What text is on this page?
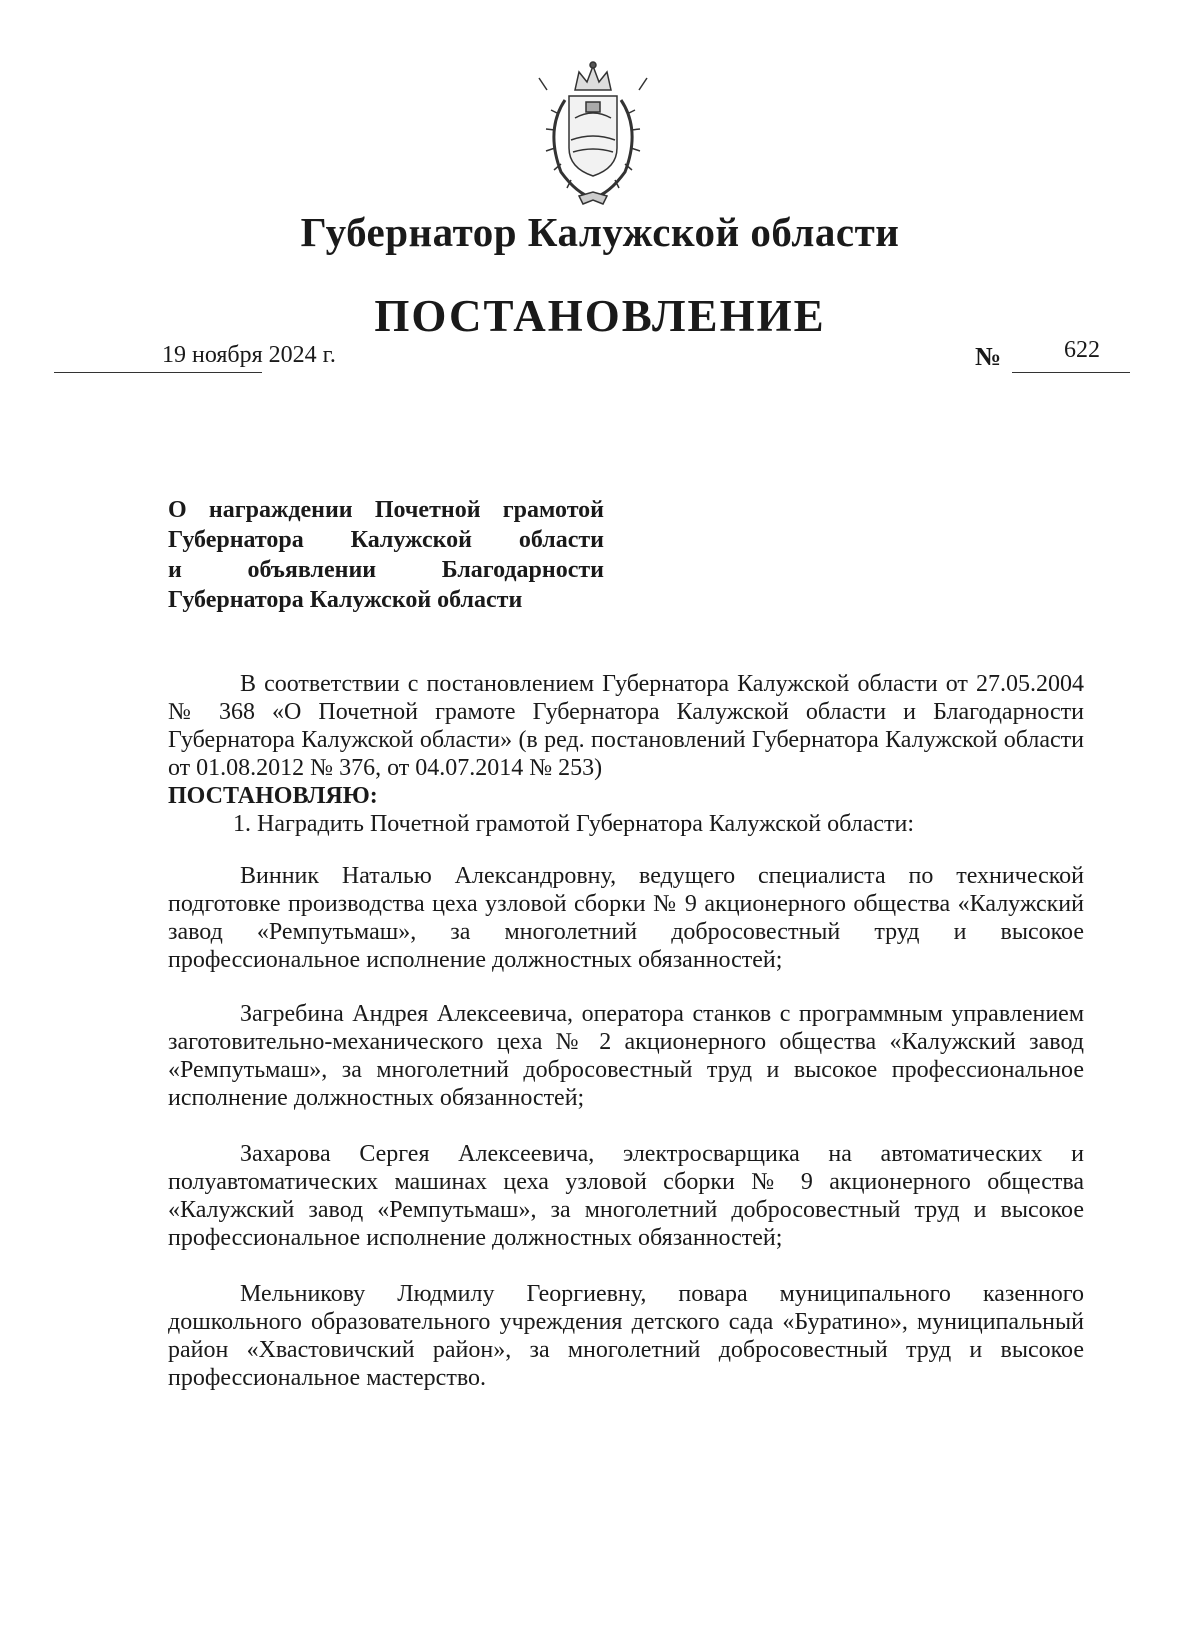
Губернатор Калужской области
ПОСТАНОВЛЕНИЕ
19 ноября 2024 г.	№	622
О награждении Почетной грамотой
Губернатора Калужской области
и объявлении Благодарности
Губернатора Калужской области

В соответствии с постановлением Губернатора Калужской области от 27.05.2004 № 368 «О Почетной грамоте Губернатора Калужской области и Благодарности Губернатора Калужской области» (в ред. постановлений Губернатора Калужской области от 01.08.2012 № 376, от 04.07.2014 № 253)

ПОСТАНОВЛЯЮ:

1. Наградить Почетной грамотой Губернатора Калужской области:

Винник Наталью Александровну, ведущего специалиста по технической подготовке производства цеха узловой сборки № 9 акционерного общества «Калужский завод «Ремпутьмаш», за многолетний добросовестный труд и высокое профессиональное исполнение должностных обязанностей;

Загребина Андрея Алексеевича, оператора станков с программным управлением заготовительно-механического цеха № 2 акционерного общества «Калужский завод «Ремпутьмаш», за многолетний добросовестный труд и высокое профессиональное исполнение должностных обязанностей;

Захарова Сергея Алексеевича, электросварщика на автоматических и полуавтоматических машинах цеха узловой сборки № 9 акционерного общества «Калужский завод «Ремпутьмаш», за многолетний добросовестный труд и высокое профессиональное исполнение должностных обязанностей;

Мельникову Людмилу Георгиевну, повара муниципального казенного дошкольного образовательного учреждения детского сада «Буратино», муниципальный район «Хвастовичский район», за многолетний добросовестный труд и высокое профессиональное мастерство.
